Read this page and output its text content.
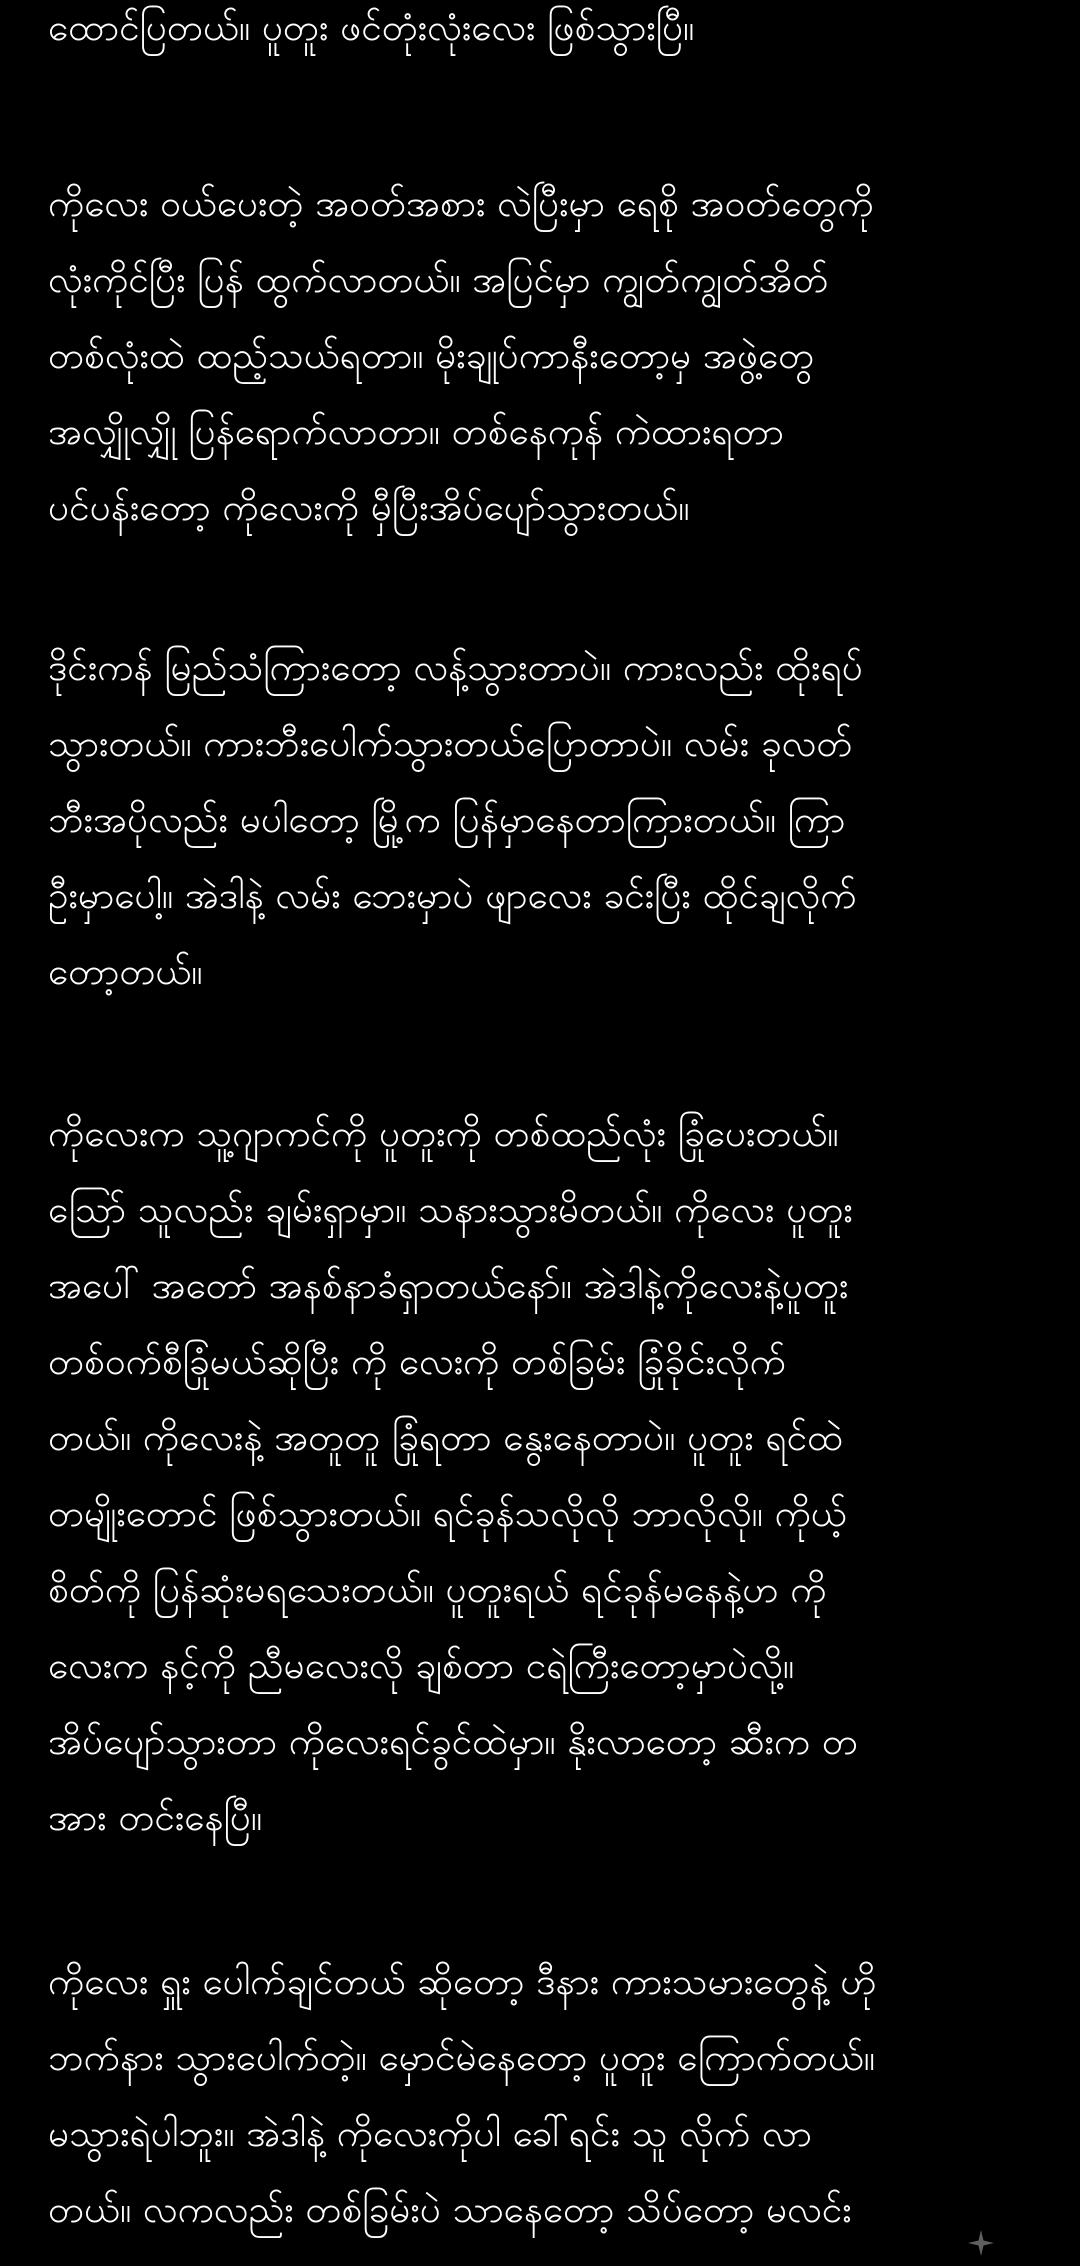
ထောင်ပြတယ်။ ပူတူး ဖင်တုံးလုံးလေး ဖြစ်သွားပြီ။
ကိုလေး ဝယ်ပေးတဲ့ အဝတ်အစား လဲပြီးမှာ ရေစို အဝတ်တွေကို
လုံးကိုင်ပြီး ပြန် ထွက်လာတယ်။ အပြင်မှာ ကျွတ်ကျွတ်အိတ်
တစ်လုံးထဲ ထည့်သယ်ရတာ။ မိုးချုပ်ကာနီးတော့မှ အဖွဲ့တွေ
အလျှိုလျှို ပြန်ရောက်လာတာ။ တစ်နေကုန် ကဲထားရတာ
ပင်ပန်းတော့ ကိုလေးကို မှီပြီးအိပ်ပျော်သွားတယ်။
ဒိုင်းကန် မြည်သံကြားတော့ လန့်သွားတာပဲ။ ကားလည်း ထိုးရပ်
သွားတယ်။ ကားဘီးပေါက်သွားတယ်ပြောတာပဲ။ လမ်း ခုလတ်
ဘီးအပိုလည်း မပါတော့ မြို့က ပြန်မှာနေတာကြားတယ်။ ကြာ
ဦးမှာပေါ့။ အဲဒါနဲ့ လမ်း ဘေးမှာပဲ ဖျာလေး ခင်းပြီး ထိုင်ချလိုက်
တော့တယ်။
ကိုလေးက သူ့ဂျာကင်ကို ပူတူးကို တစ်ထည်လုံး ခြုံပေးတယ်။
သြော် သူလည်း ချမ်းရှာမှာ။ သနားသွားမိတယ်။ ကိုလေး ပူတူး
အပေါ် အတော် အနစ်နာခံရှာတယ်နော်။ အဲဒါနဲ့ကိုလေးနဲ့ပူတူး
တစ်ဝက်စီခြုံမယ်ဆိုပြီး ကို လေးကို တစ်ခြမ်း ခြုံခိုင်းလိုက်
တယ်။ ကိုလေးနဲ့ အတူတူ ခြုံရတာ နွေးနေတာပဲ။ ပူတူး ရင်ထဲ
တမျိုးတောင် ဖြစ်သွားတယ်။ ရင်ခုန်သလိုလို ဘာလိုလို။ ကိုယ့်
စိတ်ကို ပြန်ဆုံးမရသေးတယ်။ ပူတူးရယ် ရင်ခုန်မနေနဲ့ဟ ကို
လေးက နင့်ကို ညီမလေးလို ချစ်တာ ငရဲကြီးတော့မှာပဲလို့။
အိပ်ပျော်သွားတာ ကိုလေးရင်ခွင်ထဲမှာ။ နိုးလာတော့ ဆီးက တ
အား တင်းနေပြီ။
ကိုလေး ရှူး ပေါက်ချင်တယ် ဆိုတော့ ဒီနား ကားသမားတွေနဲ့ ဟို
ဘက်နား သွားပေါက်တဲ့။ မှောင်မဲနေတော့ ပူတူး ကြောက်တယ်။
မသွားရဲပါဘူး။ အဲဒါနဲ့ ကိုလေးကိုပါ ခေါ်ရင်း သူ လိုက် လာ
တယ်။ လကလည်း တစ်ခြမ်းပဲ သာနေတော့ သိပ်တော့ မလင်း
